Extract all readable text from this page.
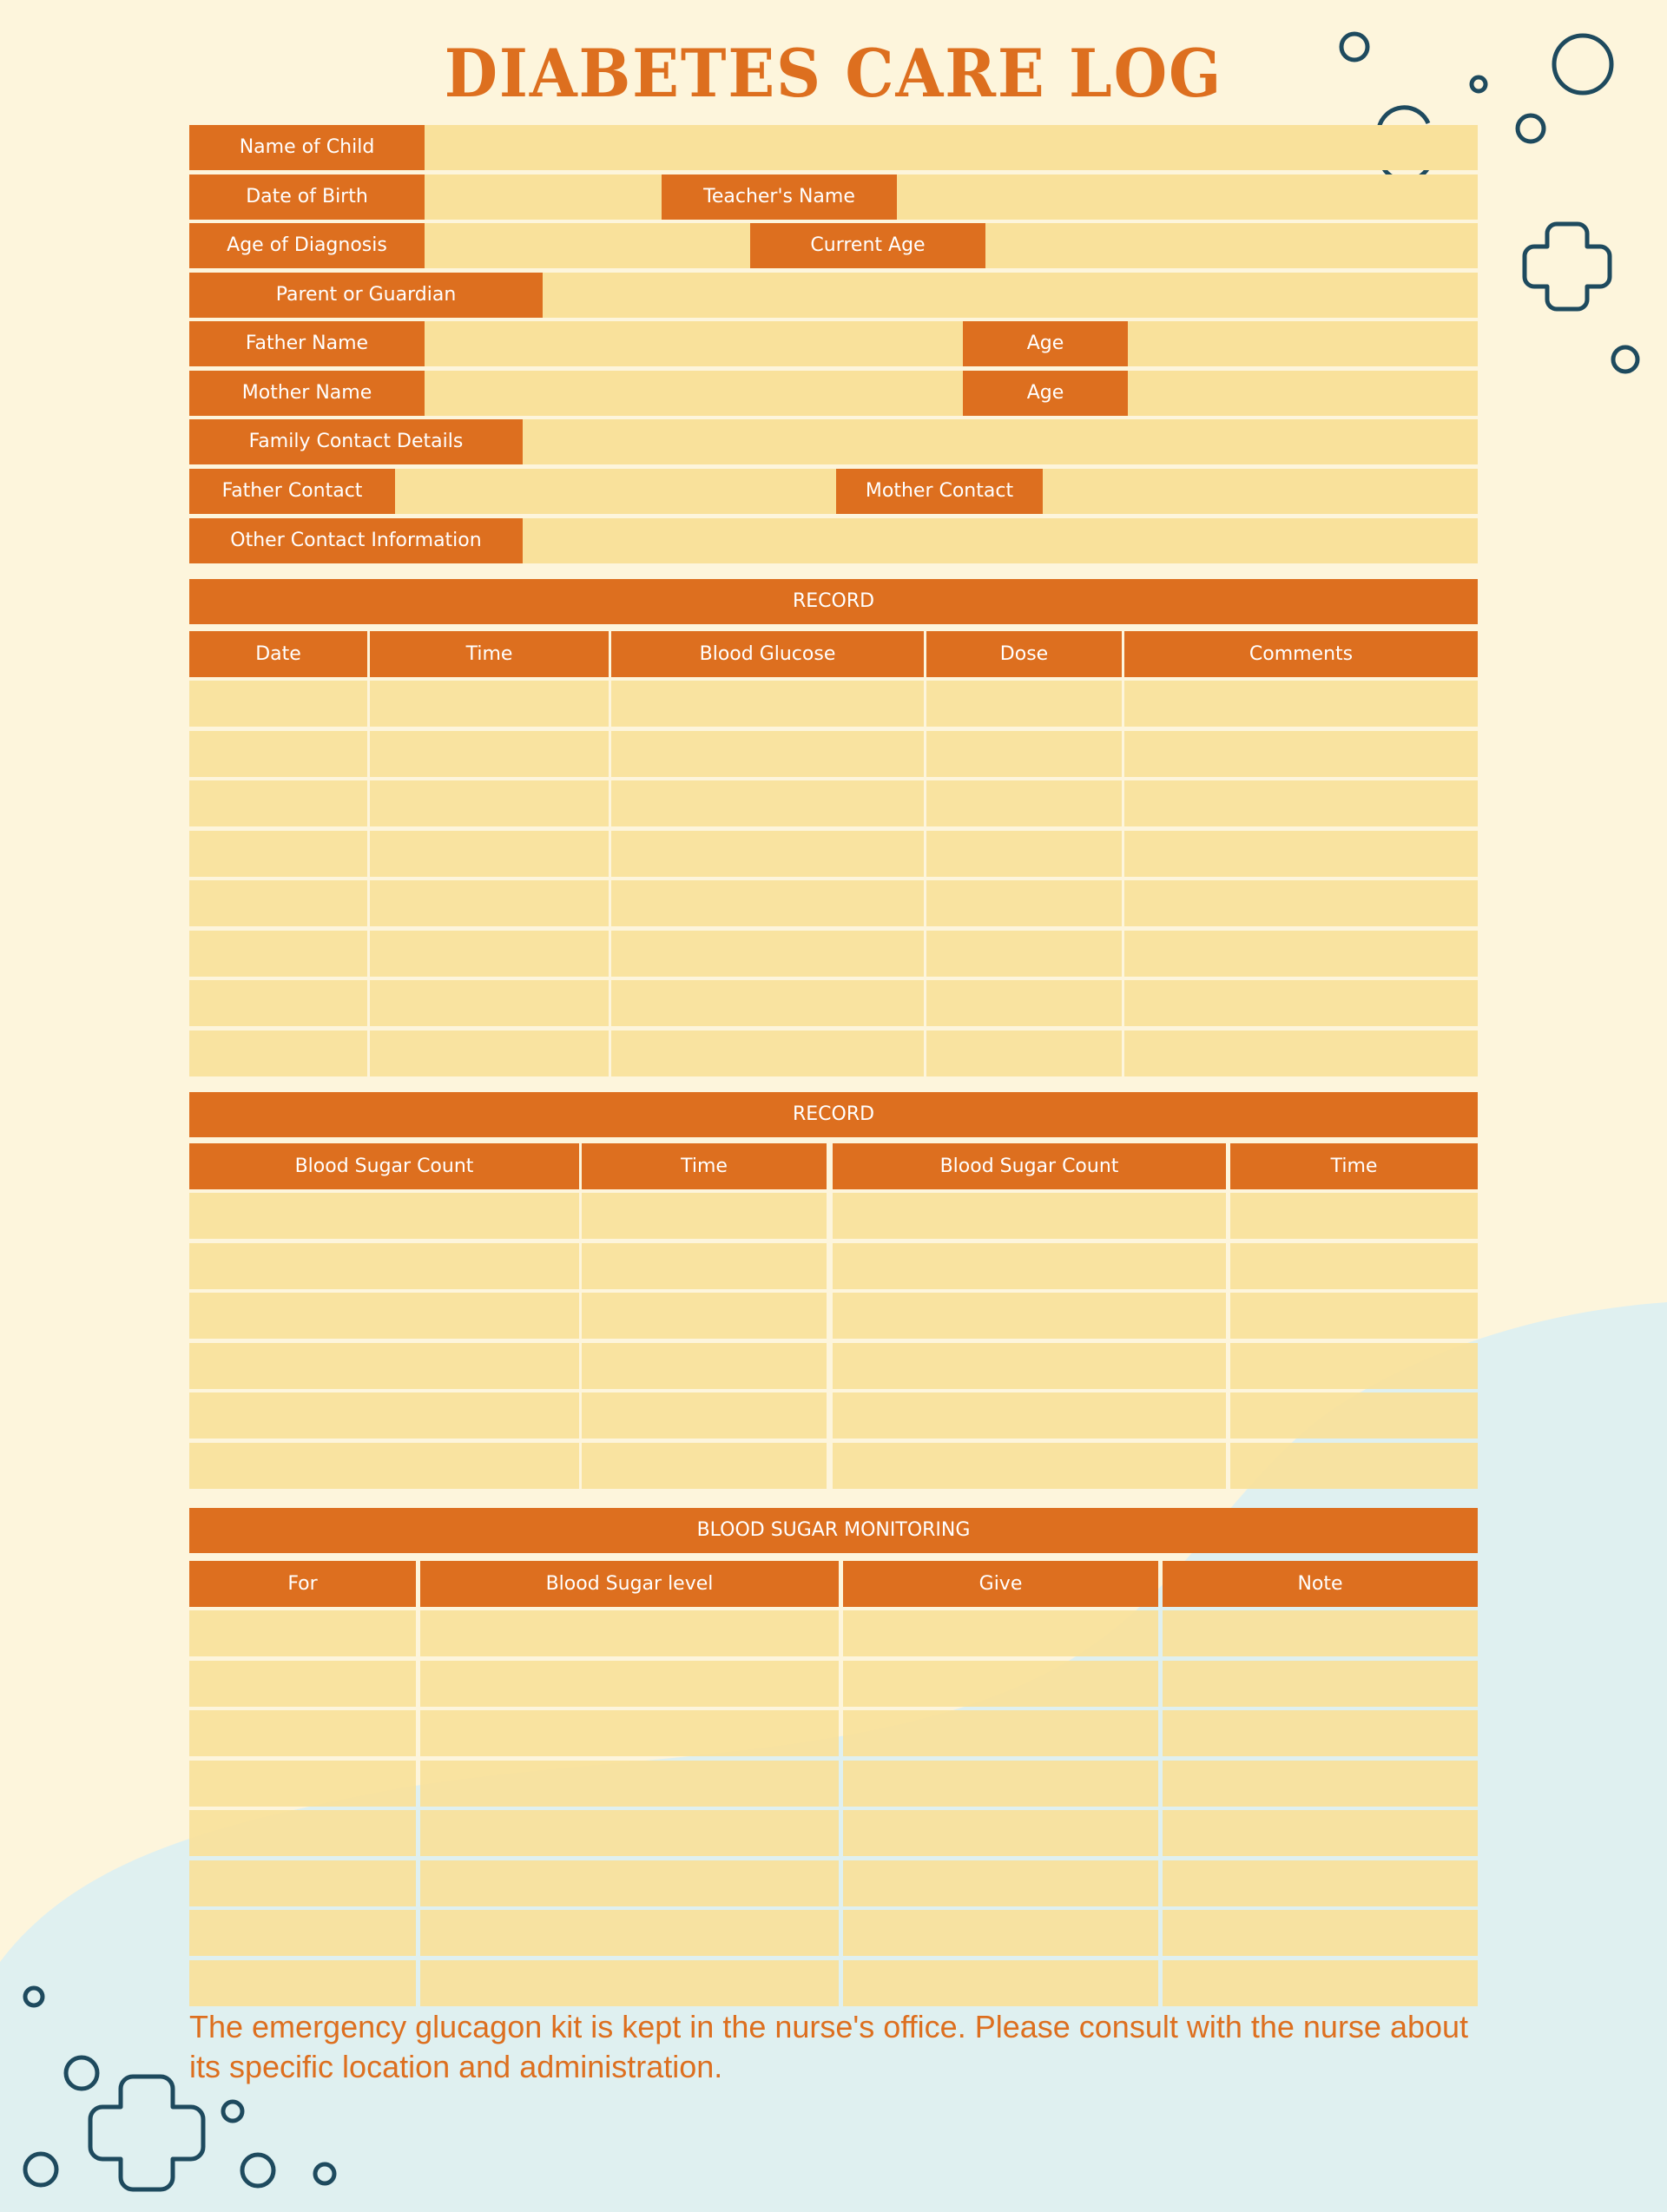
DIABETES CARE LOG
Name of Child
Date of Birth	Teacher's Name
Age of Diagnosis	Current Age
Parent or Guardian
Father Name	Age
Mother Name	Age
Family Contact Details
Father Contact	Mother Contact
Other Contact Information
RECORD
Date	Time	Blood Glucose	Dose	Comments
RECORD
Blood Sugar Count	Time	Blood Sugar Count	Time
BLOOD SUGAR MONITORING
For	Blood Sugar level	Give	Note
The emergency glucagon kit is kept in the nurse's office. Please consult with the nurse about its specific location and administration.
